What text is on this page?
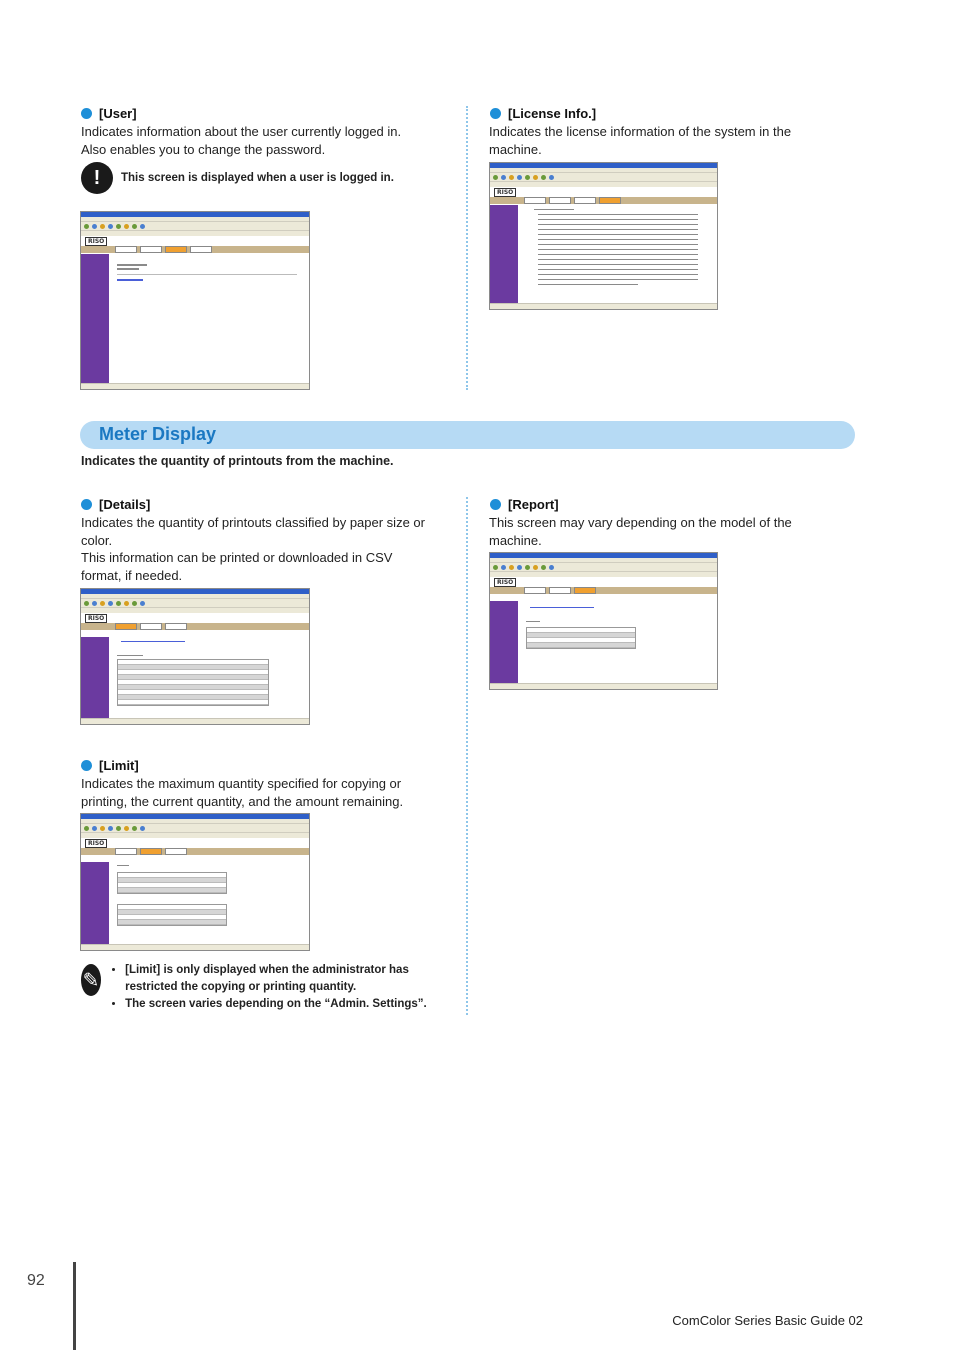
[User]

Indicates information about the user currently logged in.

Also enables you to change the password.

!	This screen is displayed when a user is logged in.
RISO
[License Info.]

Indicates the license information of the system in the

machine.

RISO
Meter Display
Indicates the quantity of printouts from the machine.
[Details]

Indicates the quantity of printouts classified by paper size or

color.

This information can be printed or downloaded in CSV

format, if needed.

RISO
[Report]

This screen may vary depending on the model of the

machine.

RISO
[Limit]

Indicates the maximum quantity specified for copying or

printing, the current quantity, and the amount remaining.

RISO
✎
• [Limit] is only displayed when the administrator has restricted the copying or printing quantity.
• The screen varies depending on the “Admin. Settings”.
92
ComColor Series Basic Guide 02
